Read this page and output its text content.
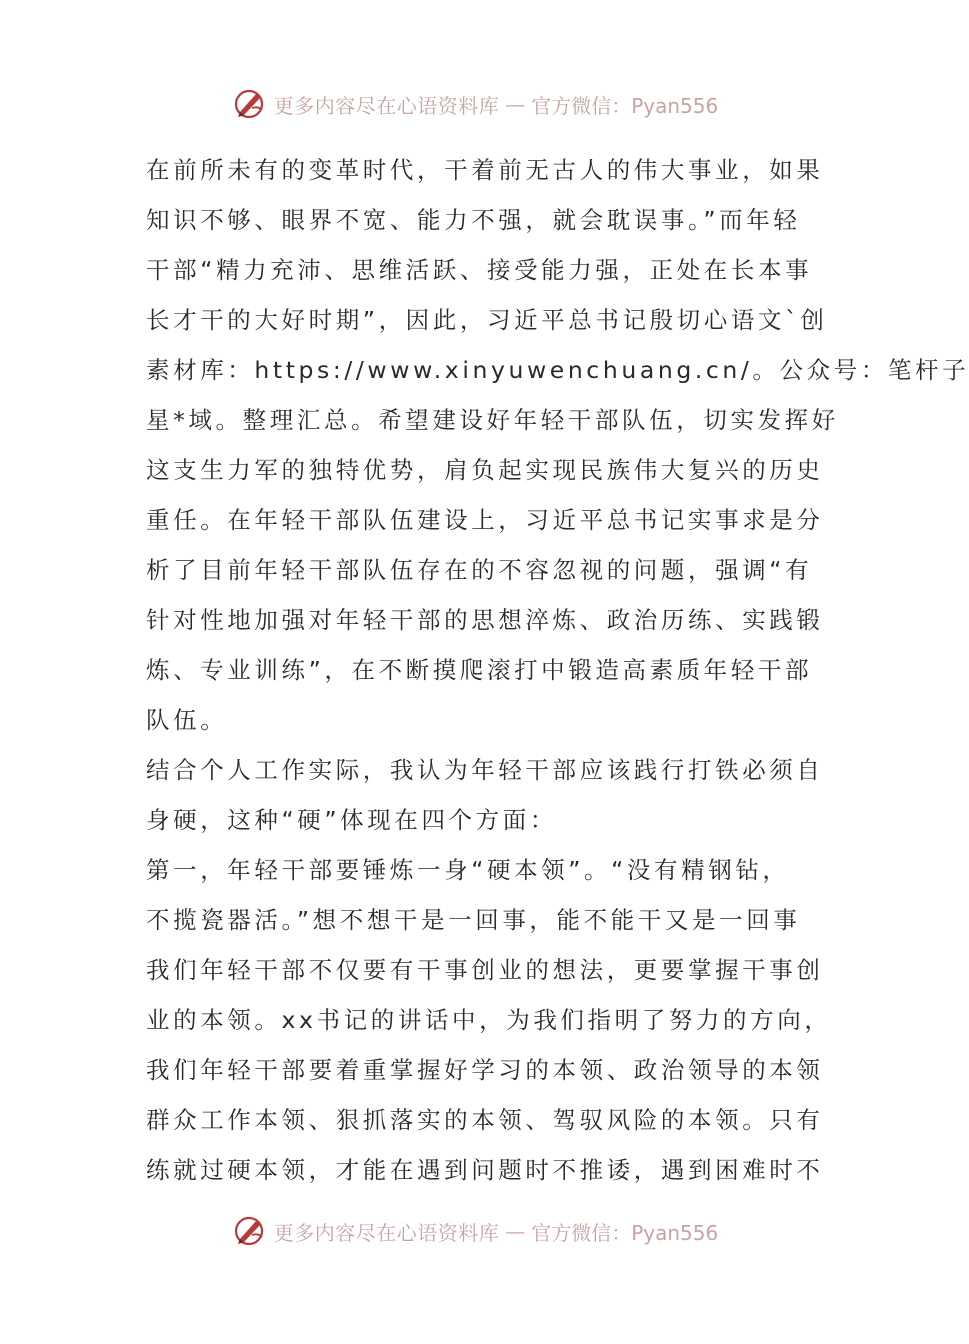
更多内容尽在心语资料库 — 官方微信：Pyan556
在前所未有的变革时代，干着前无古人的伟大事业，如果
知识不够、眼界不宽、能力不强，就会耽误事。”而年轻
干部“精力充沛、思维活跃、接受能力强，正处在长本事
长才干的大好时期”，因此，习近平总书记殷切心语文`创
素材库：https://www.xinyuwenchuang.cn/。公众号：笔杆子
星*域。整理汇总。希望建设好年轻干部队伍，切实发挥好
这支生力军的独特优势，肩负起实现民族伟大复兴的历史
重任。在年轻干部队伍建设上，习近平总书记实事求是分
析了目前年轻干部队伍存在的不容忽视的问题，强调“有
针对性地加强对年轻干部的思想淬炼、政治历练、实践锻
炼、专业训练”，在不断摸爬滚打中锻造高素质年轻干部
队伍。
结合个人工作实际，我认为年轻干部应该践行打铁必须自
身硬，这种“硬”体现在四个方面：
第一，年轻干部要锤炼一身“硬本领”。“没有精钢钻，
不揽瓷器活。”想不想干是一回事，能不能干又是一回事
我们年轻干部不仅要有干事创业的想法，更要掌握干事创
业的本领。xx书记的讲话中，为我们指明了努力的方向，
我们年轻干部要着重掌握好学习的本领、政治领导的本领
群众工作本领、狠抓落实的本领、驾驭风险的本领。只有
练就过硬本领，才能在遇到问题时不推诿，遇到困难时不
更多内容尽在心语资料库 — 官方微信：Pyan556
